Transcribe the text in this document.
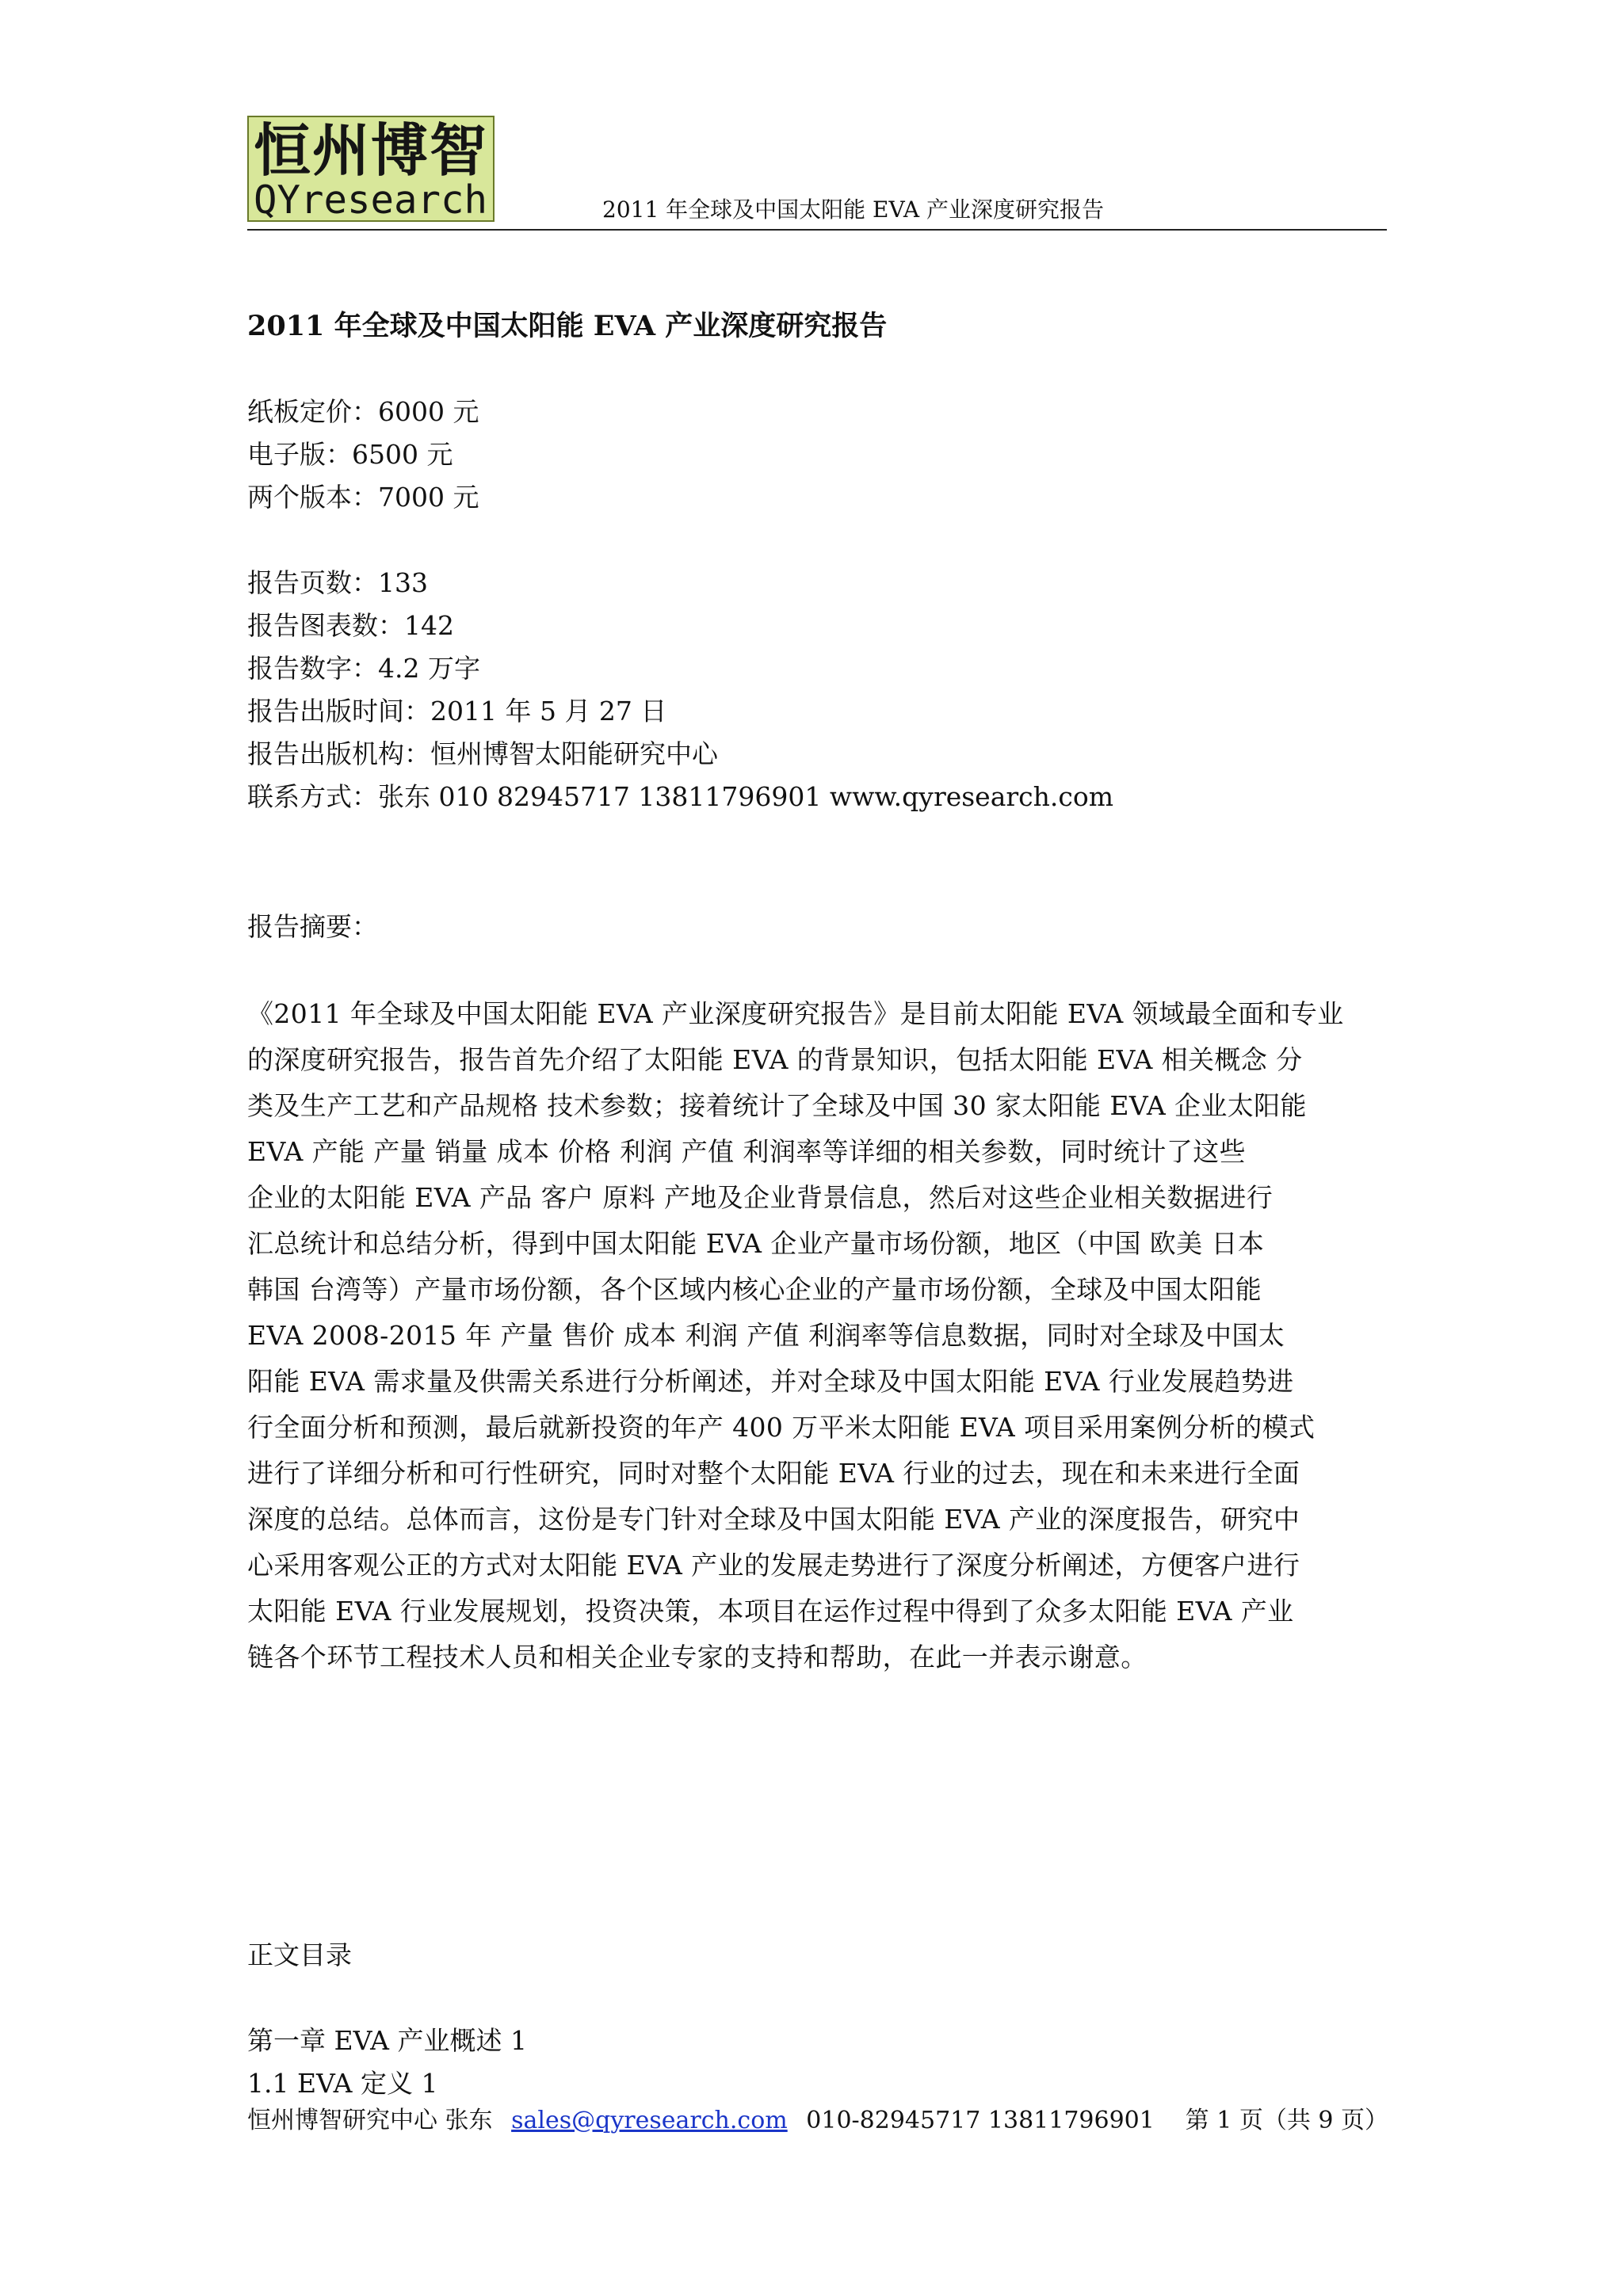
恒州博智
QYresearch	2011 年全球及中国太阳能 EVA 产业深度研究报告
2011 年全球及中国太阳能 EVA 产业深度研究报告
纸板定价：6000 元
电子版：6500 元
两个版本：7000 元
报告页数：133
报告图表数：142
报告数字：4.2 万字
报告出版时间：2011 年 5 月 27 日
报告出版机构：恒州博智太阳能研究中心
联系方式：张东 010 82945717 13811796901 www.qyresearch.com
报告摘要：
《2011 年全球及中国太阳能 EVA 产业深度研究报告》是目前太阳能 EVA 领域最全面和专业
的深度研究报告，报告首先介绍了太阳能 EVA 的背景知识，包括太阳能 EVA 相关概念 分
类及生产工艺和产品规格 技术参数；接着统计了全球及中国 30 家太阳能 EVA 企业太阳能
EVA 产能 产量 销量 成本 价格 利润 产值 利润率等详细的相关参数，同时统计了这些
企业的太阳能 EVA 产品 客户 原料 产地及企业背景信息，然后对这些企业相关数据进行
汇总统计和总结分析，得到中国太阳能 EVA 企业产量市场份额，地区（中国 欧美 日本
韩国 台湾等）产量市场份额，各个区域内核心企业的产量市场份额，全球及中国太阳能
EVA 2008-2015 年 产量 售价 成本 利润 产值 利润率等信息数据，同时对全球及中国太
阳能 EVA 需求量及供需关系进行分析阐述，并对全球及中国太阳能 EVA 行业发展趋势进
行全面分析和预测，最后就新投资的年产 400 万平米太阳能 EVA 项目采用案例分析的模式
进行了详细分析和可行性研究，同时对整个太阳能 EVA 行业的过去，现在和未来进行全面
深度的总结。总体而言，这份是专门针对全球及中国太阳能 EVA 产业的深度报告，研究中
心采用客观公正的方式对太阳能 EVA 产业的发展走势进行了深度分析阐述，方便客户进行
太阳能 EVA 行业发展规划，投资决策，本项目在运作过程中得到了众多太阳能 EVA 产业
链各个环节工程技术人员和相关企业专家的支持和帮助，在此一并表示谢意。
正文目录
第一章 EVA 产业概述 1
1.1 EVA 定义 1
恒州博智研究中心 张东 sales@qyresearch.com 010-82945717 13811796901 第 1 页（共 9 页）
